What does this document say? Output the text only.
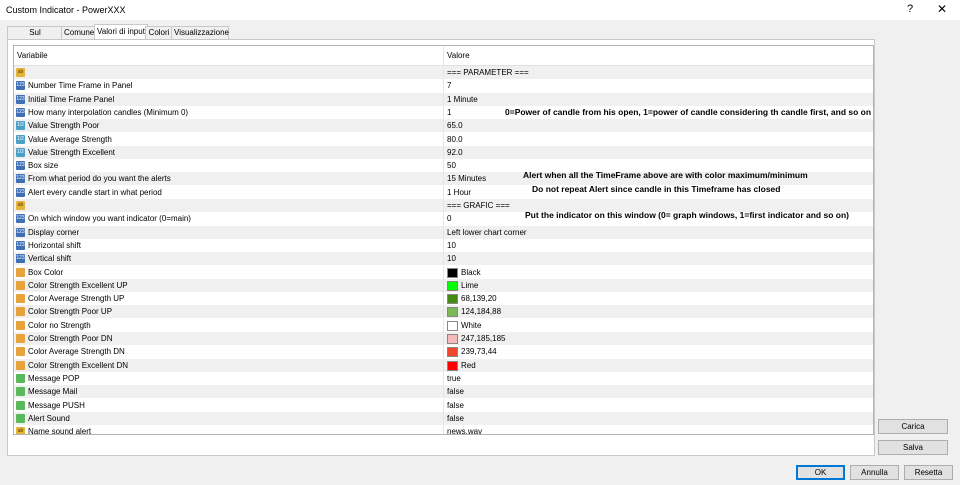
Custom Indicator - PowerXXX	? ✕
Sul	Comune Valori di input Colori Visualizzazione
Variabile	Valore
ab	=== PARAMETER ===
123 Number Time Frame in Panel	7
123 Initial Time Frame Panel	1 Minute
123 How many interpolation candles (Minimum 0)	1
1/2 Value Strength Poor	65.0
1/2 Value Average Strength	80.0
1/2 Value Strength Excellent	92.0
123 Box size	50
123 From what period do you want the alerts	15 Minutes
123 Alert every candle start in what period	1 Hour
ab	=== GRAFIC ===
123 On which window you want indicator (0=main)	0
123 Display corner	Left lower chart corner
123 Horizontal shift	10
123 Vertical shift	10
Box Color	Black
Color Strength Excellent UP	Lime
Color Average Strength UP	68,139,20
Color Strength Poor UP	124,184,88
Color no Strength	White
Color Strength Poor DN	247,185,185
Color Average Strength DN	239,73,44
Color Strength Excellent DN	Red
Message POP	true
Message Mail	false
Message PUSH	false
Alert Sound	false
ab Name sound alert	news.wav
0=Power of candle from his open, 1=power of candle considering th candle first, and so on
Alert when all the TimeFrame above are with color maximum/minimum
Do not repeat Alert since candle in this Timeframe has closed
Put the indicator on this window (0= graph windows, 1=first indicator and so on)
Carica
Salva
OK	Annulla	Resetta
